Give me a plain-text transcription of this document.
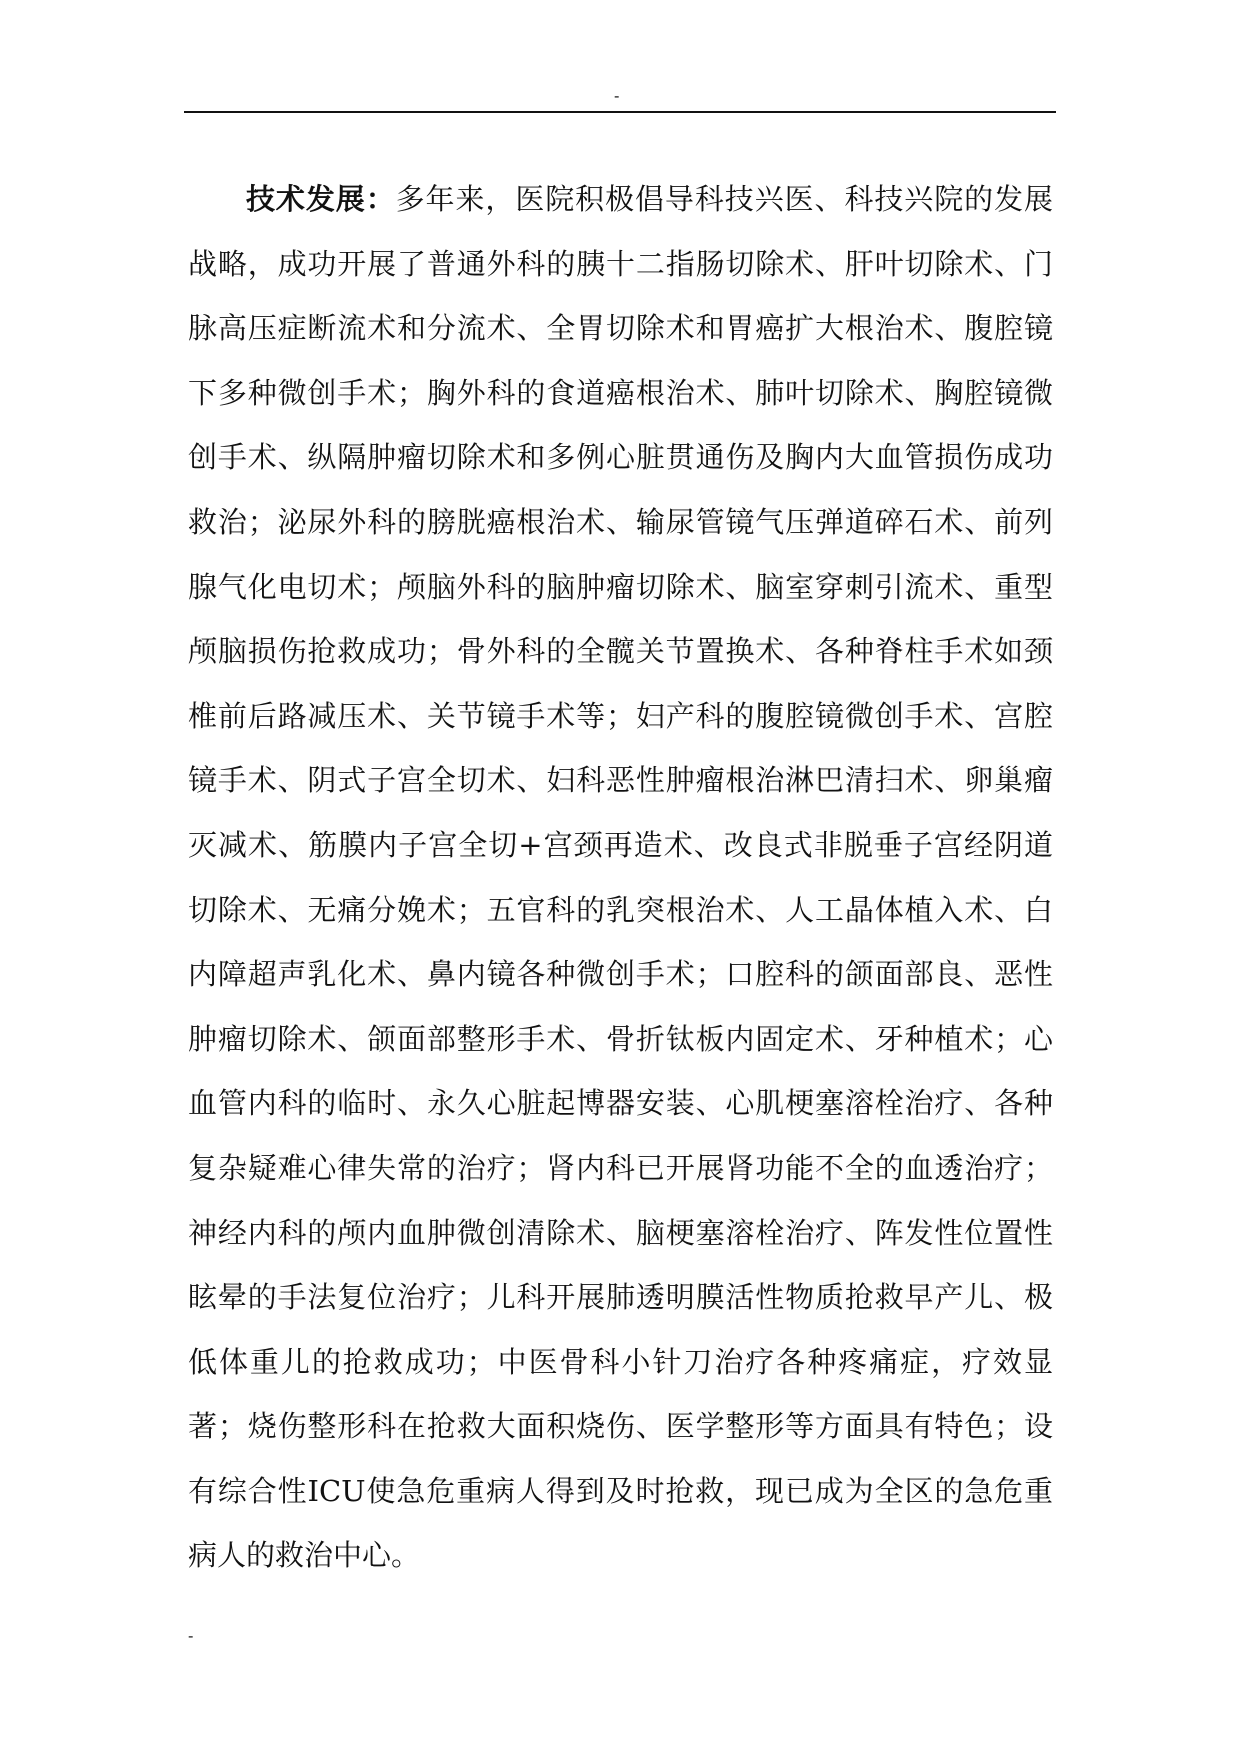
-

技术发展：多年来，医院积极倡导科技兴医、科技兴院的发展战略，成功开展了普通外科的胰十二指肠切除术、肝叶切除术、门脉高压症断流术和分流术、全胃切除术和胃癌扩大根治术、腹腔镜下多种微创手术；胸外科的食道癌根治术、肺叶切除术、胸腔镜微创手术、纵隔肿瘤切除术和多例心脏贯通伤及胸内大血管损伤成功救治；泌尿外科的膀胱癌根治术、输尿管镜气压弹道碎石术、前列腺气化电切术；颅脑外科的脑肿瘤切除术、脑室穿刺引流术、重型颅脑损伤抢救成功；骨外科的全髋关节置换术、各种脊柱手术如颈椎前后路减压术、关节镜手术等；妇产科的腹腔镜微创手术、宫腔镜手术、阴式子宫全切术、妇科恶性肿瘤根治淋巴清扫术、卵巢瘤灭减术、筋膜内子宫全切+宫颈再造术、改良式非脱垂子宫经阴道切除术、无痛分娩术；五官科的乳突根治术、人工晶体植入术、白内障超声乳化术、鼻内镜各种微创手术；口腔科的颌面部良、恶性肿瘤切除术、颌面部整形手术、骨折钛板内固定术、牙种植术；心血管内科的临时、永久心脏起博器安装、心肌梗塞溶栓治疗、各种复杂疑难心律失常的治疗；肾内科已开展肾功能不全的血透治疗；神经内科的颅内血肿微创清除术、脑梗塞溶栓治疗、阵发性位置性眩晕的手法复位治疗；儿科开展肺透明膜活性物质抢救早产儿、极低体重儿的抢救成功；中医骨科小针刀治疗各种疼痛症，疗效显著；烧伤整形科在抢救大面积烧伤、医学整形等方面具有特色；设有综合性ICU使急危重病人得到及时抢救，现已成为全区的急危重病人的救治中心。

-
